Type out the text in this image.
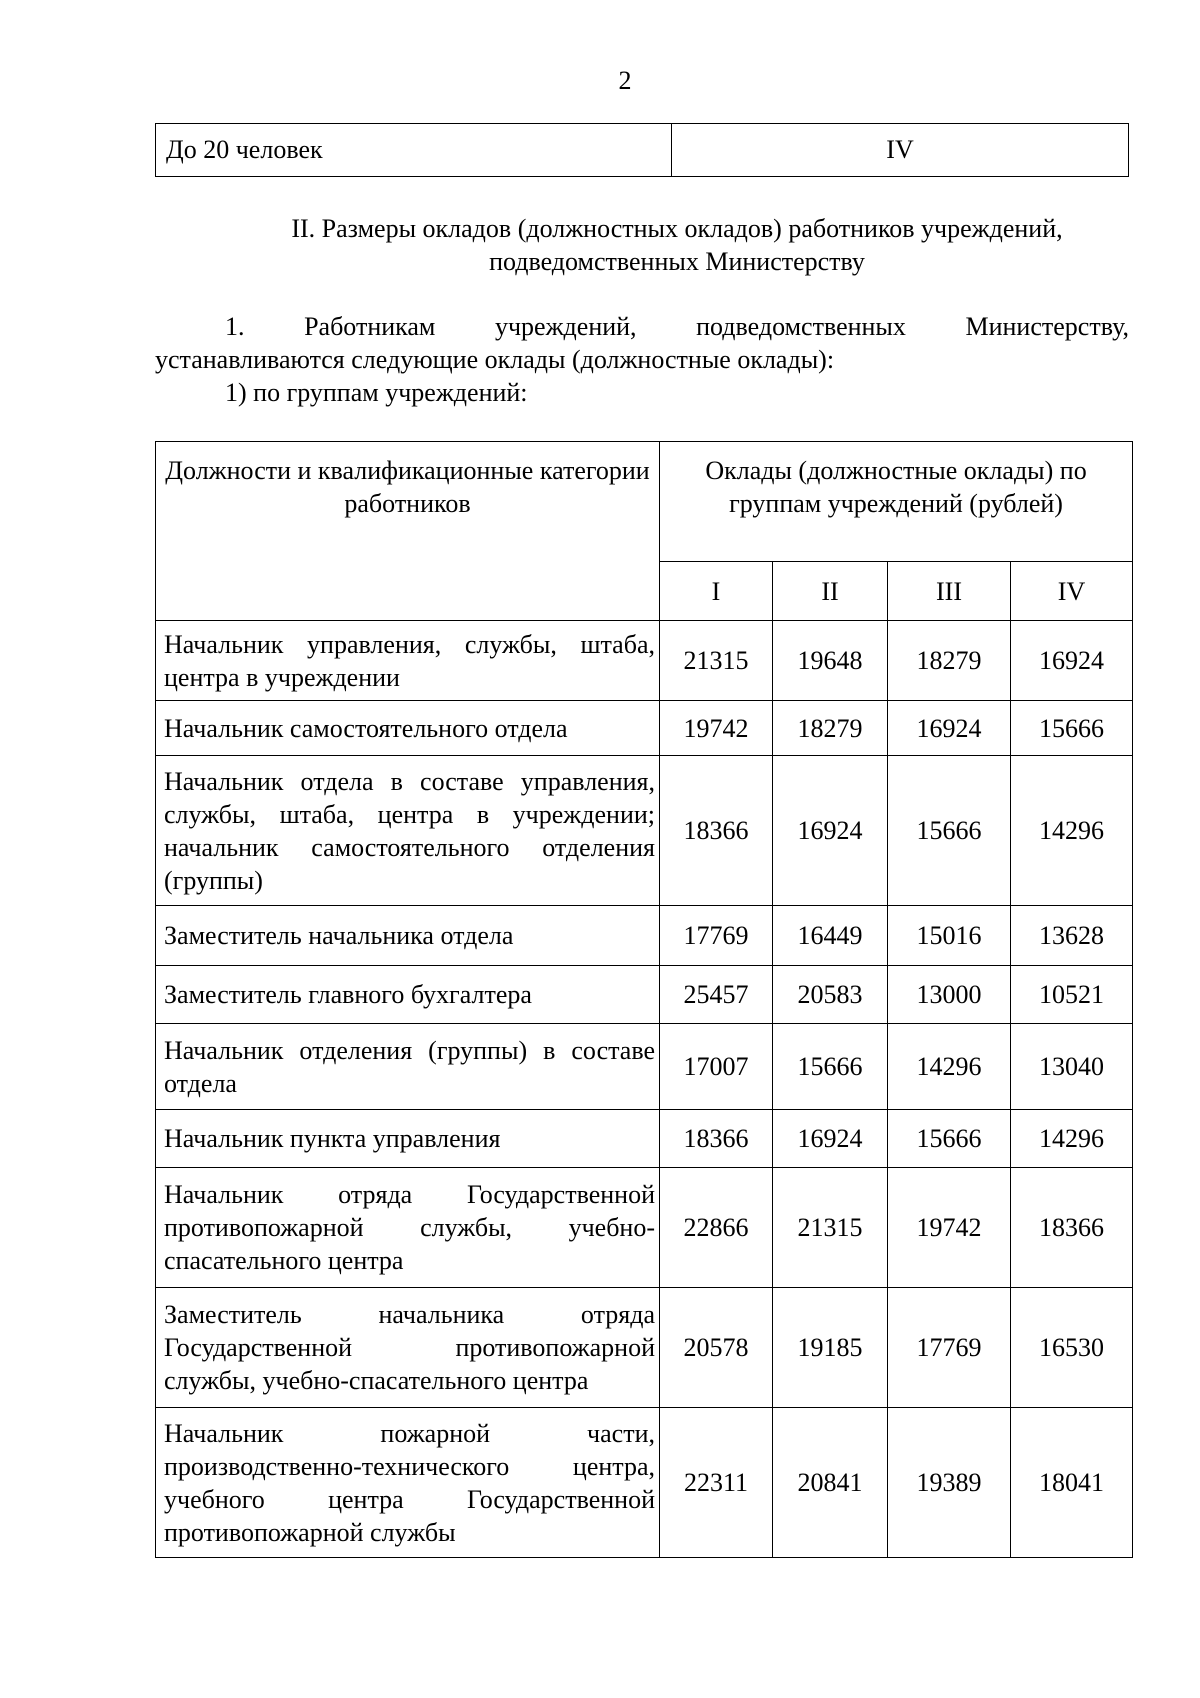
2
До 20 человек	IV
II. Размеры окладов (должностных окладов) работников учреждений,
подведомственных Министерству
1. Работникам учреждений, подведомственных Министерству,
устанавливаются следующие оклады (должностные оклады):
1) по группам учреждений:
Должности и квалификационные категории работников	Оклады (должностные оклады) по группам учреждений (рублей)			
	I	II	III	IV
Начальник управления, службы, штаба, центра в учреждении	21315	19648	18279	16924
Начальник самостоятельного отдела	19742	18279	16924	15666
Начальник отдела в составе управления, службы, штаба, центра в учреждении; начальник самостоятельного отделения (группы)	18366	16924	15666	14296
Заместитель начальника отдела	17769	16449	15016	13628
Заместитель главного бухгалтера	25457	20583	13000	10521
Начальник отделения (группы) в составе отдела	17007	15666	14296	13040
Начальник пункта управления	18366	16924	15666	14296
Начальник отряда Государственной противопожарной службы, учебно-спасательного центра	22866	21315	19742	18366
Заместитель начальника отряда Государственной противопожарной службы, учебно-спасательного центра	20578	19185	17769	16530
Начальник пожарной части, производственно-технического центра, учебного центра Государственной противопожарной службы	22311	20841	19389	18041
